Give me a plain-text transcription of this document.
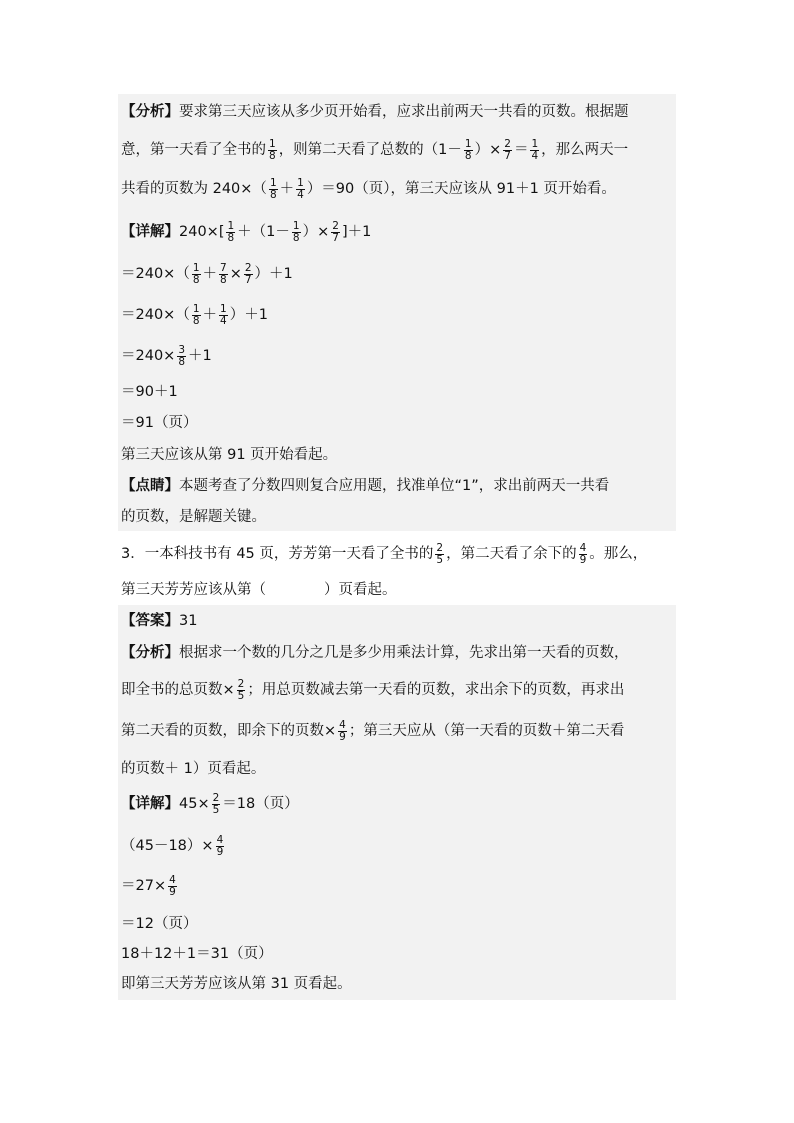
【分析】要求第三天应该从多少页开始看，应求出前两天一共看的页数。根据题
意，第一天看了全书的 $\frac{1}{8}$ ，则第二天看了总数的（$1- \frac{1}{8}$ ）× $\frac{2}{7} = \frac{1}{4}$ ，那么两天一
共看的页数为 $240\times( \frac{1}{8} + \frac{1}{4} )=90$（页），第三天应该从 91＋1 页开始看。
【详解】$240\times[ \frac{1}{8} +(1- \frac{1}{8}$ ）× $\frac{2}{7} ]+1$
$=240\times( \frac{1}{8} + \frac{7}{8} \times \frac{2}{7} )+1$
$=240\times( \frac{1}{8} + \frac{1}{4} )+1$
$=240\times \frac{3}{8} +1$
＝90＋1
＝91（页）
第三天应该从第 91 页开始看起。
【点睛】本题考查了分数四则复合应用题，找准单位“1”，求出前两天一共看
的页数，是解题关键。
3．一本科技书有 45 页，芳芳第一天看了全书的 $\frac{2}{5}$ ，第二天看了余下的 $\frac{4}{9}$ 。那么，
第三天芳芳应该从第（	）页看起。
【答案】31
【分析】根据求一个数的几分之几是多少用乘法计算，先求出第一天看的页数，
即全书的总页数× $\frac{2}{5}$ ；用总页数减去第一天看的页数，求出余下的页数，再求出
第二天看的页数，即余下的页数× $\frac{4}{9}$ ；第三天应从（第一天看的页数＋第二天看
的页数＋ 1）页看起。
【详解】$45\times \frac{2}{5} =18$（页）
$(45-18)\times \frac{4}{9}$
$=27\times \frac{4}{9}$
＝12（页）
18＋12＋1＝31（页）
即第三天芳芳应该从第 31 页看起。
